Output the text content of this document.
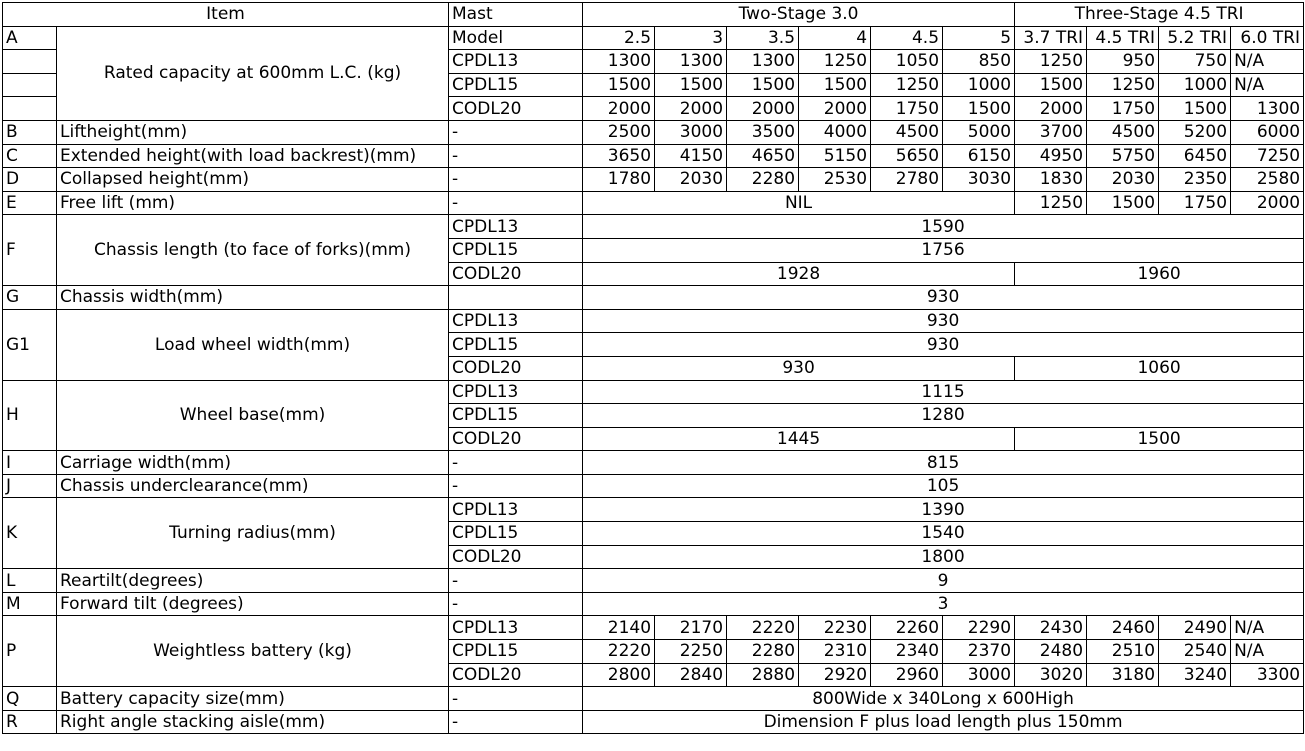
Item		Mast	Two-Stage 3.0						Three-Stage 4.5 TRI			
A	Rated capacity at 600mm L.C. (kg)	Model	2.5	3	3.5	4	4.5	5	3.7 TRI	4.5 TRI	5.2 TRI	6.0 TRI
		CPDL13	1300	1300	1300	1250	1050	850	1250	950	750	N/A
		CPDL15	1500	1500	1500	1500	1250	1000	1500	1250	1000	N/A
		CODL20	2000	2000	2000	2000	1750	1500	2000	1750	1500	1300
B	Liftheight(mm)	-	2500	3000	3500	4000	4500	5000	3700	4500	5200	6000
C	Extended height(with load backrest)(mm)	-	3650	4150	4650	5150	5650	6150	4950	5750	6450	7250
D	Collapsed height(mm)	-	1780	2030	2280	2530	2780	3030	1830	2030	2350	2580
E	Free lift (mm)	-	NIL						1250	1500	1750	2000
F	Chassis length (to face of forks)(mm)	CPDL13	1590									
		CPDL15	1756									
		CODL20	1928						1960			
G	Chassis width(mm)		930									
G1	Load wheel width(mm)	CPDL13	930									
		CPDL15	930									
		CODL20	930						1060			
H	Wheel base(mm)	CPDL13	1115									
		CPDL15	1280									
		CODL20	1445						1500			
I	Carriage width(mm)	-	815									
J	Chassis underclearance(mm)	-	105									
K	Turning radius(mm)	CPDL13	1390									
		CPDL15	1540									
		CODL20	1800									
L	Reartilt(degrees)	-	9									
M	Forward tilt (degrees)	-	3									
P	Weightless battery (kg)	CPDL13	2140	2170	2220	2230	2260	2290	2430	2460	2490	N/A
		CPDL15	2220	2250	2280	2310	2340	2370	2480	2510	2540	N/A
		CODL20	2800	2840	2880	2920	2960	3000	3020	3180	3240	3300
Q	Battery capacity size(mm)	-	800Wide x 340Long x 600High									
R	Right angle stacking aisle(mm)	-	Dimension F plus load length plus 150mm									
